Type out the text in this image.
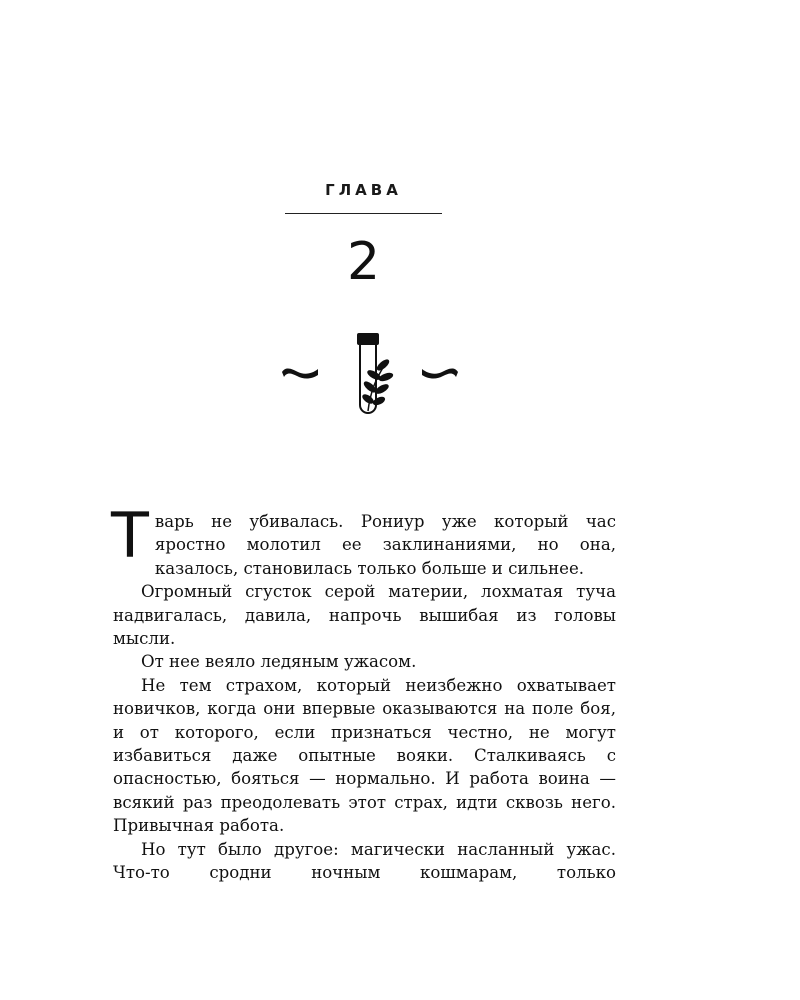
ГЛАВА
2

Тварь не убивалась. Рониур уже который час яростно молотил ее заклинаниями, но она, казалось, становилась только больше и сильнее.

Огромный сгусток серой материи, лохматая туча надвигалась, давила, напрочь вышибая из головы мысли.

От нее веяло ледяным ужасом.

Не тем страхом, который неизбежно охватывает новичков, когда они впервые оказываются на поле боя, и от которого, если признаться честно, не могут избавиться даже опытные вояки. Сталкиваясь с опасностью, бояться — нормально. И работа воина — всякий раз преодолевать этот страх, идти сквозь него. Привычная работа.

Но тут было другое: магически насланный ужас. Что-то сродни ночным кошмарам, только
